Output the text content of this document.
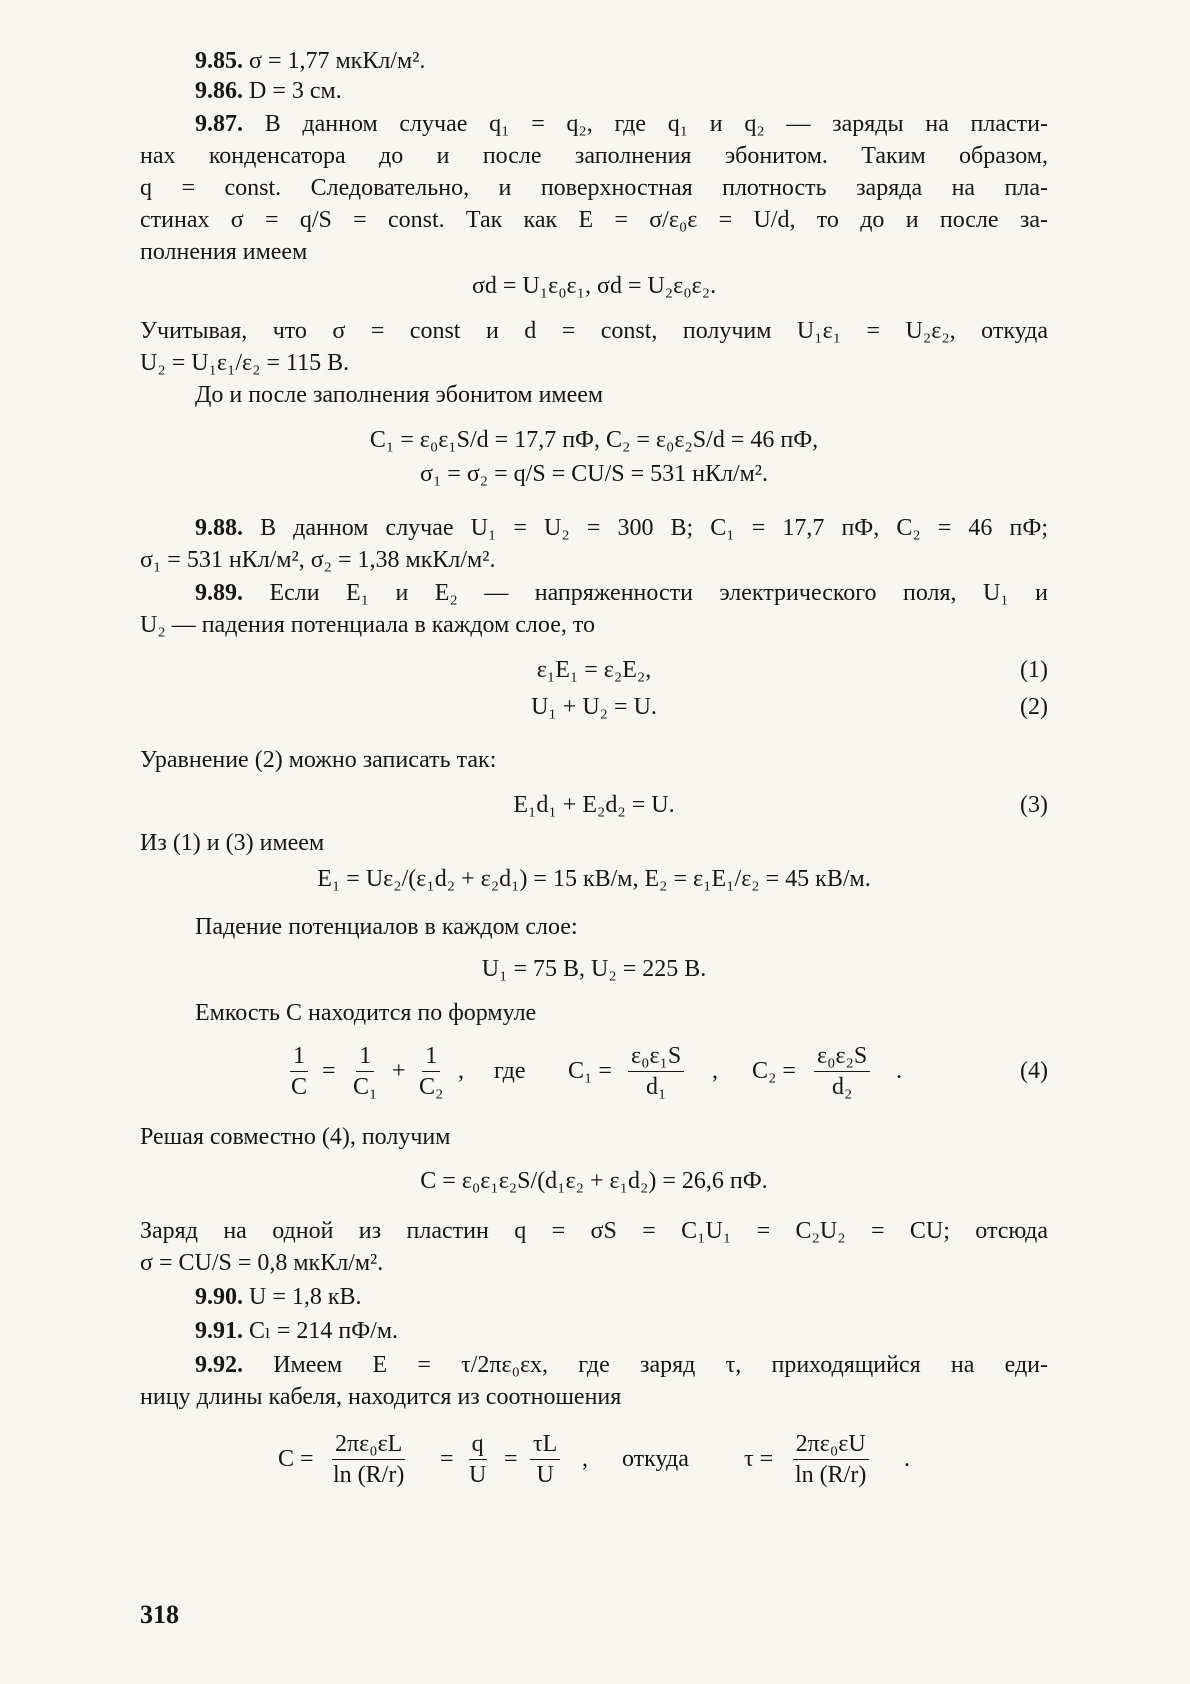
9.85. σ = 1,77 мкКл/м².
9.86. D = 3 см.
9.87. В данном случае q₁ = q₂, где q₁ и q₂ — заряды на пласти-
нах конденсатора до и после заполнения эбонитом. Таким образом,
q = const. Следовательно, и поверхностная плотность заряда на пла-
стинах σ = q/S = const. Так как E = σ/ε₀ε = U/d, то до и после за-
полнения имеем
σd = U₁ε₀ε₁, σd = U₂ε₀ε₂.
Учитывая, что σ = const и d = const, получим U₁ε₁ = U₂ε₂, откуда
U₂ = U₁ε₁/ε₂ = 115 В.
До и после заполнения эбонитом имеем
C₁ = ε₀ε₁S/d = 17,7 пФ, C₂ = ε₀ε₂S/d = 46 пФ,
σ₁ = σ₂ = q/S = CU/S = 531 нКл/м².
9.88. В данном случае U₁ = U₂ = 300 В; C₁ = 17,7 пФ, C₂ = 46 пФ;
σ₁ = 531 нКл/м², σ₂ = 1,38 мкКл/м².
9.89. Если E₁ и E₂ — напряженности электрического поля, U₁ и
U₂ — падения потенциала в каждом слое, то
ε₁E₁ = ε₂E₂,	(1)
U₁ + U₂ = U.	(2)
Уравнение (2) можно записать так:
E₁d₁ + E₂d₂ = U.	(3)
Из (1) и (3) имеем
E₁ = Uε₂/(ε₁d₂ + ε₂d₁) = 15 кВ/м, E₂ = ε₁E₁/ε₂ = 45 кВ/м.
Падение потенциалов в каждом слое:
U₁ = 75 В, U₂ = 225 В.
Емкость C находится по формуле
$\frac{1}{C} = \frac{1}{\text{C₁}} + \frac{1}{\text{C₂}}$ , где $C_1 = \frac{\text{ε₀ε₁S}}{\text{d₁}}$ , $C_2 = \frac{\text{ε₀ε₂S}}{\text{d₂}}$ .	(4)
Решая совместно (4), получим
C = ε₀ε₁ε₂S/(d₁ε₂ + ε₁d₂) = 26,6 пФ.
Заряд на одной из пластин q = σS = C₁U₁ = C₂U₂ = CU; отсюда
σ = CU/S = 0,8 мкКл/м².
9.90. U = 1,8 кВ.
9.91. Cₗ = 214 пФ/м.
9.92. Имеем E = τ/2πε₀εx, где заряд τ, приходящийся на еди-
ницу длины кабеля, находится из соотношения
$C = \frac{\text{2πε₀εL}}{\ln (R/r)} = \frac{q}{U} = \frac{\tau L}{U}$ , откуда $\tau = \frac{\text{2πε₀εU}}{\ln (R/r)}$ .
318
